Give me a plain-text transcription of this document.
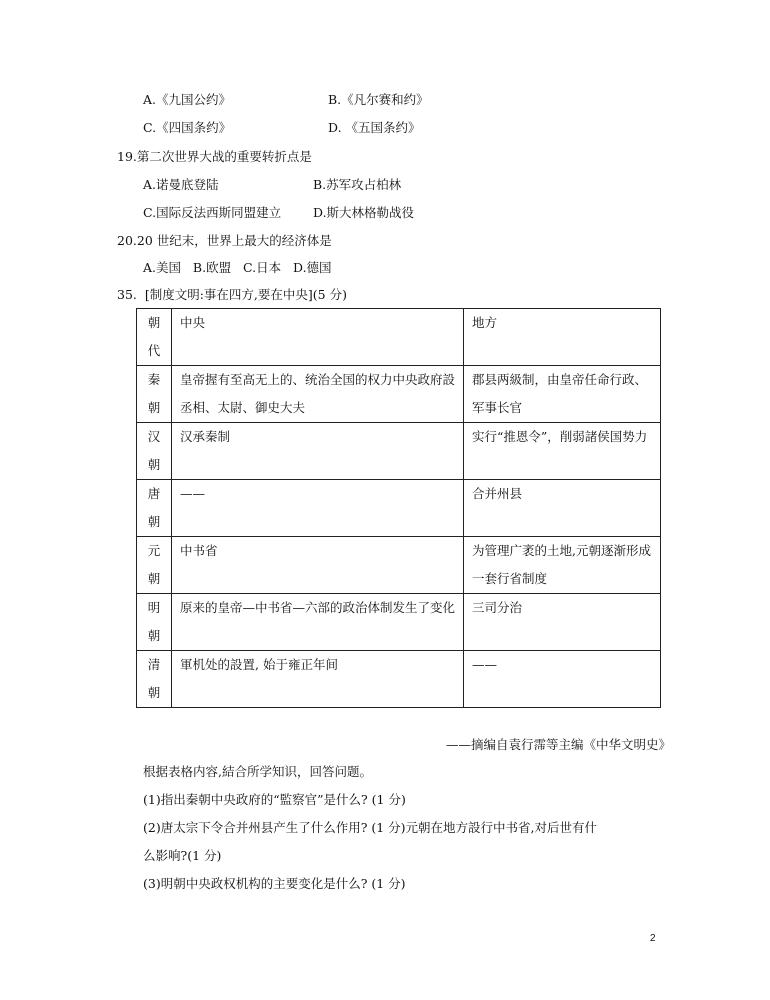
A.《九国公约》	B.《凡尔赛和约》
C.《四国条约》	D. 《五国条约》
19.第二次世界大战的重要转折点是
A.诺曼底登陆	B.苏军攻占柏林
C.国际反法西斯同盟建立	D.斯大林格勒战役
20.20 世纪末，世界上最大的经济体是
A.美国   B.欧盟   C.日本   D.德国
35.  [制度文明:事在四方,要在中央](5 分)
朝
代	中央	地方

秦
朝	皇帝握有至高无上的、统治全国的权力中央政府設丞相、太尉、御史大夫	郡县两級制，由皇帝任命行政、军事长官

汉
朝	汉承秦制	实行“推恩令”，削弱諸侯国势力

唐
朝	——	合并州县

元
朝	中书省	为管理广袤的土地,元朝逐渐形成一套行省制度

明
朝	原来的皇帝—中书省—六部的政治体制发生了变化	三司分治

清
朝	軍机处的設置, 始于雍正年间	——
——摘编自袁行霈等主编《中华文明史》
根据表格内容,結合所学知识，回答问题。
(1)指出秦朝中央政府的“監察官”是什么? (1 分)
(2)唐太宗下令合并州县产生了什么作用? (1 分)元朝在地方設行中书省,对后世有什
么影响?(1 分)
(3)明朝中央政权机构的主要变化是什么? (1 分)
2
